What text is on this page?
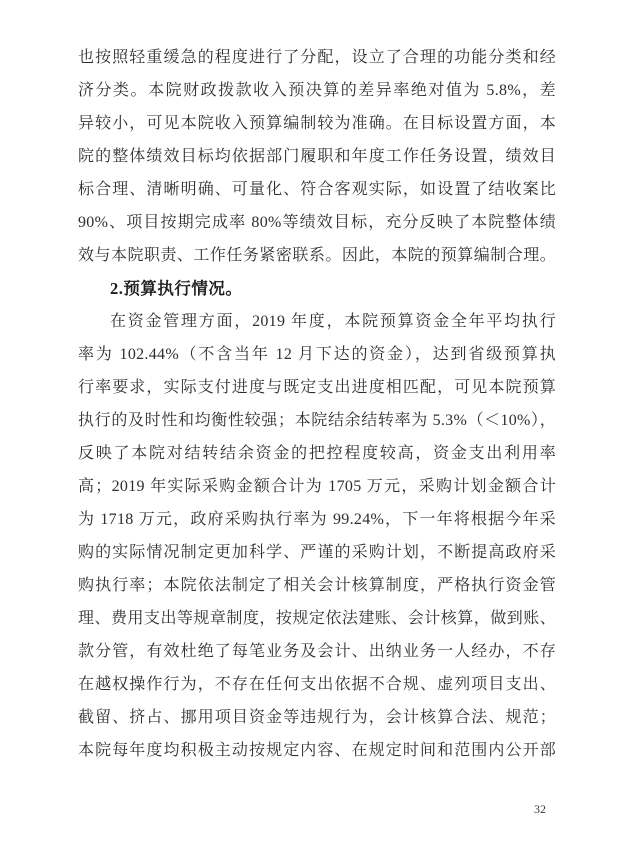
也按照轻重缓急的程度进行了分配，设立了合理的功能分类和经
济分类。本院财政拨款收入预决算的差异率绝对值为 5.8%，差
异较小，可见本院收入预算编制较为准确。在目标设置方面，本
院的整体绩效目标均依据部门履职和年度工作任务设置，绩效目
标合理、清晰明确、可量化、符合客观实际，如设置了结收案比
90%、项目按期完成率 80%等绩效目标，充分反映了本院整体绩
效与本院职责、工作任务紧密联系。因此，本院的预算编制合理。
2.预算执行情况。
在资金管理方面，2019 年度，本院预算资金全年平均执行
率为 102.44%（不含当年 12 月下达的资金），达到省级预算执
行率要求，实际支付进度与既定支出进度相匹配，可见本院预算
执行的及时性和均衡性较强；本院结余结转率为 5.3%（＜10%），
反映了本院对结转结余资金的把控程度较高，资金支出利用率
高；2019 年实际采购金额合计为 1705 万元，采购计划金额合计
为 1718 万元，政府采购执行率为 99.24%，下一年将根据今年采
购的实际情况制定更加科学、严谨的采购计划，不断提高政府采
购执行率；本院依法制定了相关会计核算制度，严格执行资金管
理、费用支出等规章制度，按规定依法建账、会计核算，做到账、
款分管，有效杜绝了每笔业务及会计、出纳业务一人经办，不存
在越权操作行为，不存在任何支出依据不合规、虚列项目支出、
截留、挤占、挪用项目资金等违规行为，会计核算合法、规范；
本院每年度均积极主动按规定内容、在规定时间和范围内公开部
32
